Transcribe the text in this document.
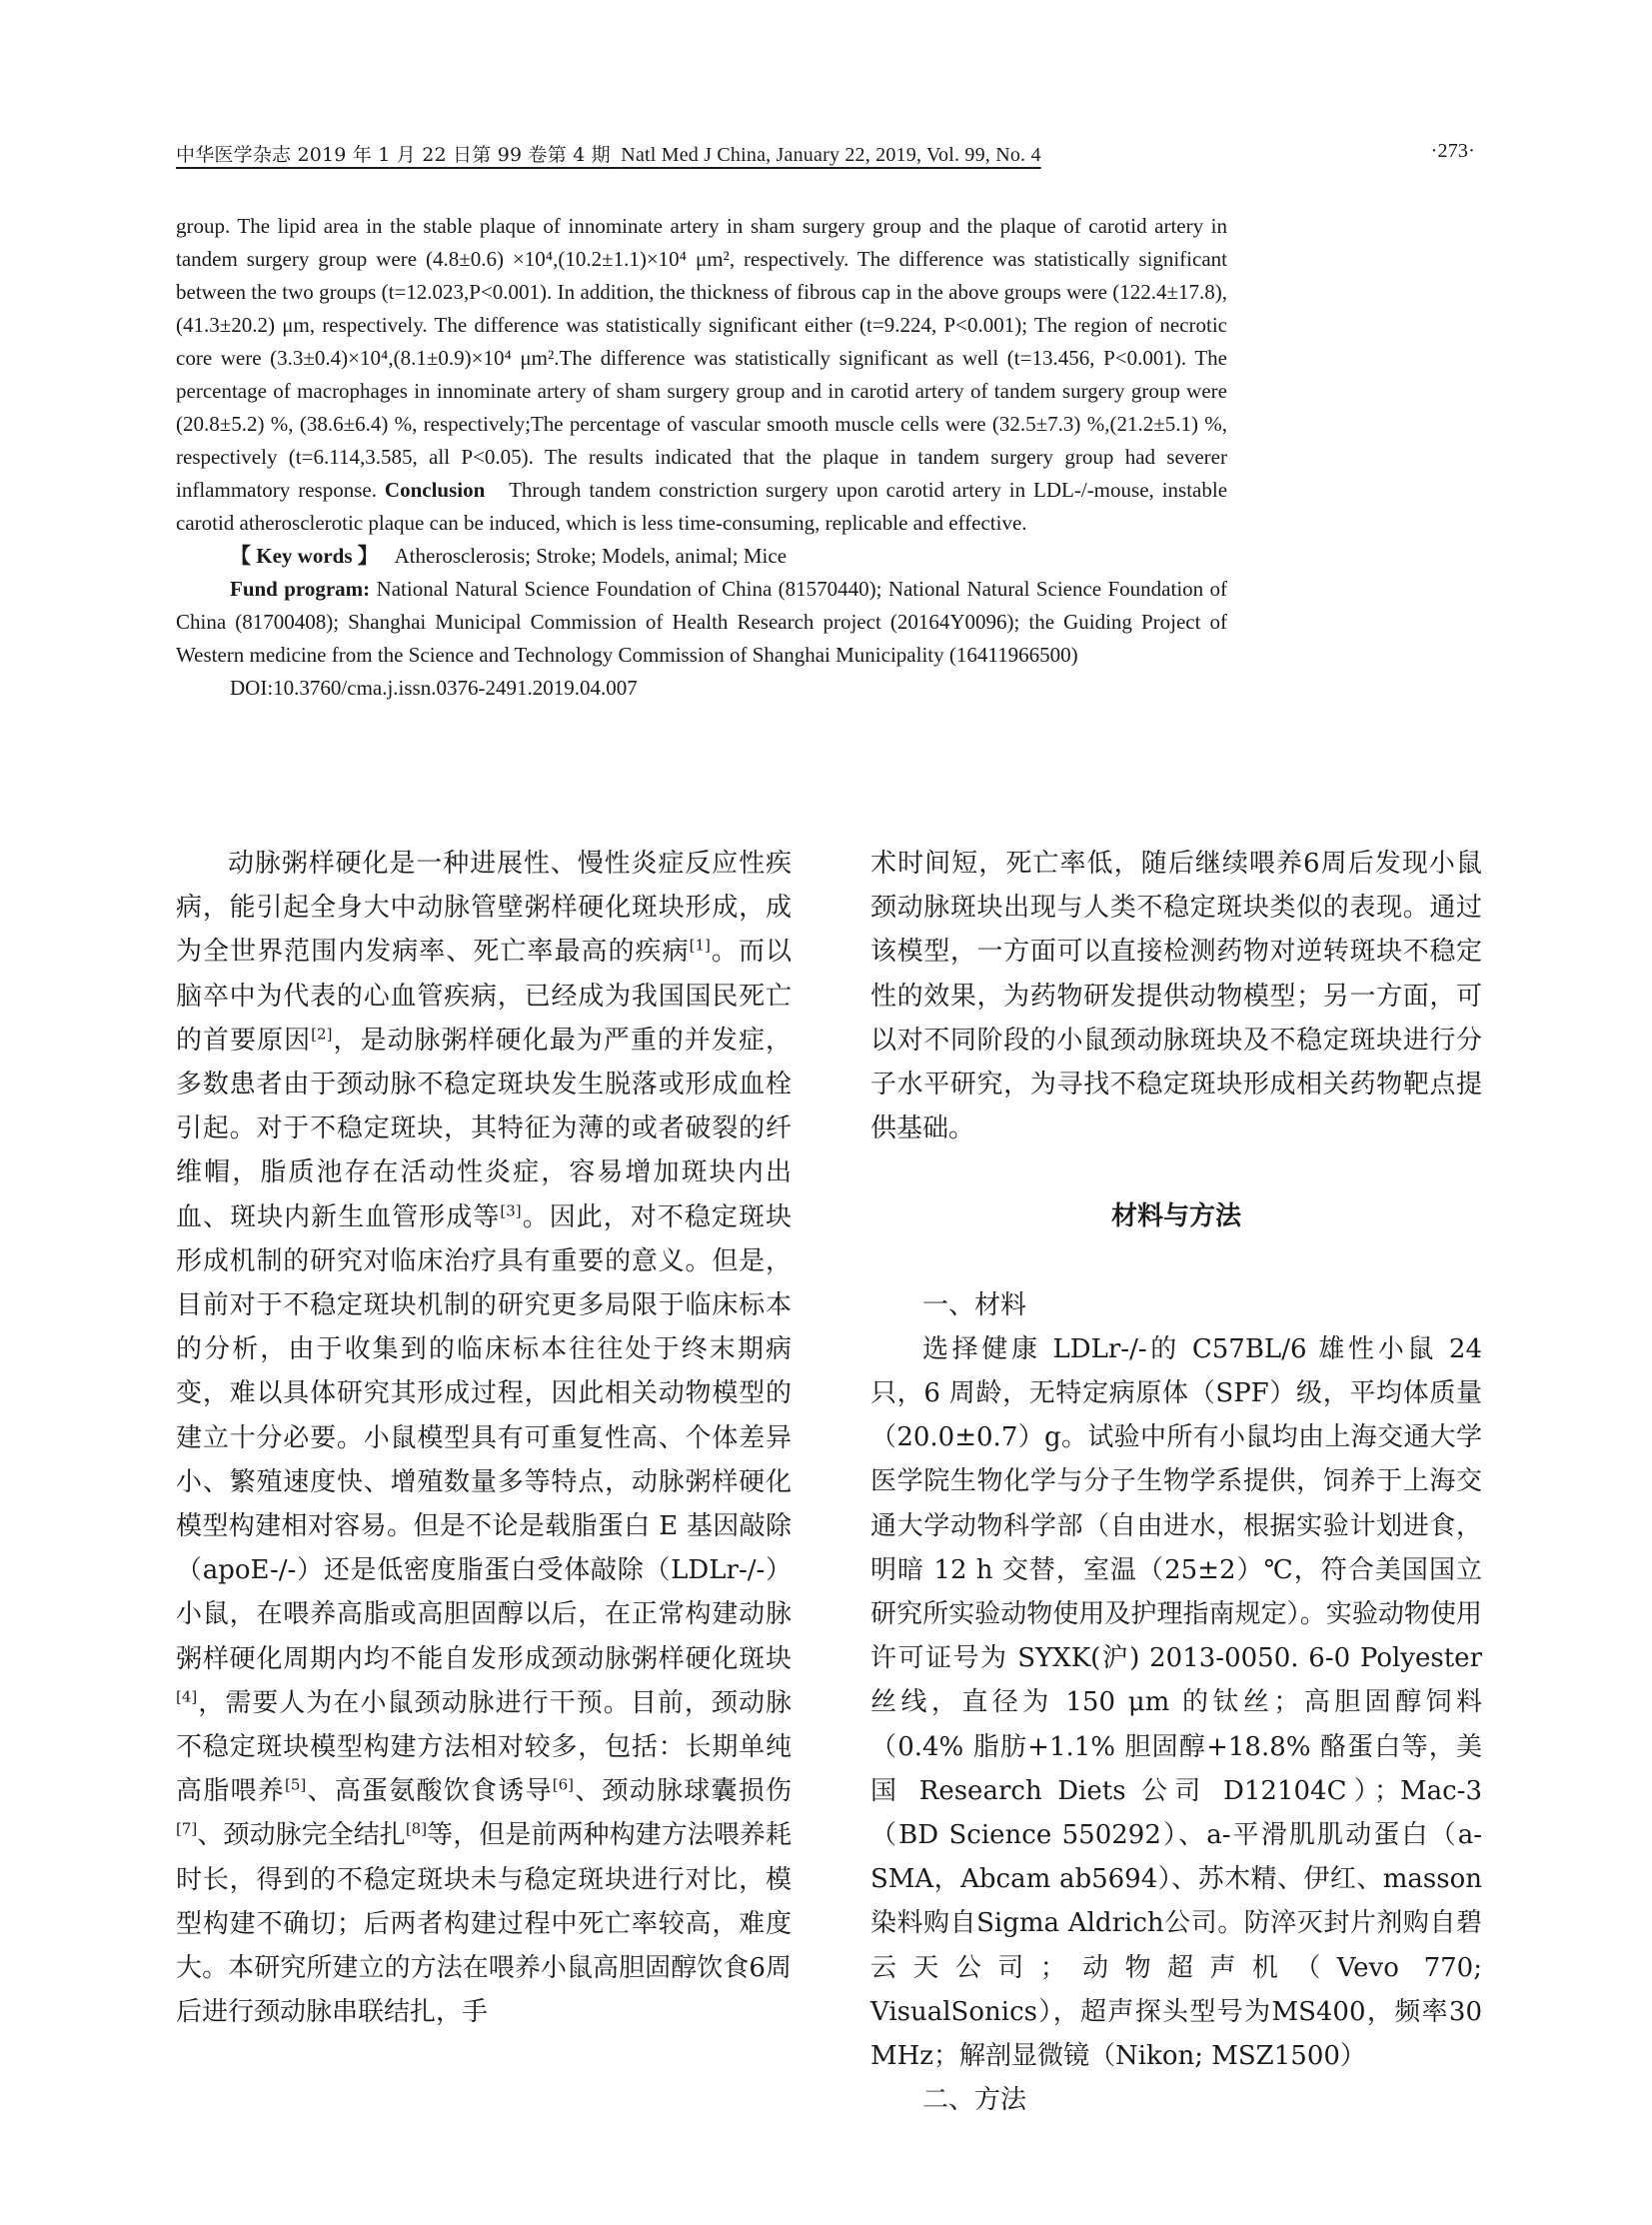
中华医学杂志 2019 年 1 月 22 日第 99 卷第 4 期 Natl Med J China, January 22, 2019, Vol. 99, No. 4	·273·

group. The lipid area in the stable plaque of innominate artery in sham surgery group and the plaque of carotid artery in tandem surgery group were (4.8±0.6) ×10⁴,(10.2±1.1)×10⁴ μm², respectively. The difference was statistically significant between the two groups (t=12.023,P<0.001). In addition, the thickness of fibrous cap in the above groups were (122.4±17.8),(41.3±20.2) μm, respectively. The difference was statistically significant either (t=9.224, P<0.001); The region of necrotic core were (3.3±0.4)×10⁴,(8.1±0.9)×10⁴ μm².The difference was statistically significant as well (t=13.456, P<0.001). The percentage of macrophages in innominate artery of sham surgery group and in carotid artery of tandem surgery group were (20.8±5.2) %, (38.6±6.4) %, respectively;The percentage of vascular smooth muscle cells were (32.5±7.3) %,(21.2±5.1) %, respectively (t=6.114,3.585, all P<0.05). The results indicated that the plaque in tandem surgery group had severer inflammatory response. Conclusion Through tandem constriction surgery upon carotid artery in LDL-/-mouse, instable carotid atherosclerotic plaque can be induced, which is less time-consuming, replicable and effective.

【 Key words 】 Atherosclerosis; Stroke; Models, animal; Mice

Fund program: National Natural Science Foundation of China (81570440); National Natural Science Foundation of China (81700408); Shanghai Municipal Commission of Health Research project (20164Y0096); the Guiding Project of Western medicine from the Science and Technology Commission of Shanghai Municipality (16411966500)

DOI:10.3760/cma.j.issn.0376-2491.2019.04.007

动脉粥样硬化是一种进展性、慢性炎症反应性疾病，能引起全身大中动脉管壁粥样硬化斑块形成，成为全世界范围内发病率、死亡率最高的疾病[1]。而以脑卒中为代表的心血管疾病，已经成为我国国民死亡的首要原因[2]，是动脉粥样硬化最为严重的并发症，多数患者由于颈动脉不稳定斑块发生脱落或形成血栓引起。对于不稳定斑块，其特征为薄的或者破裂的纤维帽，脂质池存在活动性炎症，容易增加斑块内出血、斑块内新生血管形成等[3]。因此，对不稳定斑块形成机制的研究对临床治疗具有重要的意义。但是，目前对于不稳定斑块机制的研究更多局限于临床标本的分析，由于收集到的临床标本往往处于终末期病变，难以具体研究其形成过程，因此相关动物模型的建立十分必要。小鼠模型具有可重复性高、个体差异小、繁殖速度快、增殖数量多等特点，动脉粥样硬化模型构建相对容易。但是不论是载脂蛋白 E 基因敲除（apoE-/-）还是低密度脂蛋白受体敲除（LDLr-/-）小鼠，在喂养高脂或高胆固醇以后，在正常构建动脉粥样硬化周期内均不能自发形成颈动脉粥样硬化斑块[4]，需要人为在小鼠颈动脉进行干预。目前，颈动脉不稳定斑块模型构建方法相对较多，包括：长期单纯高脂喂养[5]、高蛋氨酸饮食诱导[6]、颈动脉球囊损伤[7]、颈动脉完全结扎[8]等，但是前两种构建方法喂养耗时长，得到的不稳定斑块未与稳定斑块进行对比，模型构建不确切；后两者构建过程中死亡率较高，难度大。本研究所建立的方法在喂养小鼠高胆固醇饮食6周后进行颈动脉串联结扎，手

术时间短，死亡率低，随后继续喂养6周后发现小鼠颈动脉斑块出现与人类不稳定斑块类似的表现。通过该模型，一方面可以直接检测药物对逆转斑块不稳定性的效果，为药物研发提供动物模型；另一方面，可以对不同阶段的小鼠颈动脉斑块及不稳定斑块进行分子水平研究，为寻找不稳定斑块形成相关药物靶点提供基础。

材料与方法

一、材料

选择健康 LDLr-/-的 C57BL/6 雄性小鼠 24 只，6 周龄，无特定病原体（SPF）级，平均体质量（20.0±0.7）g。试验中所有小鼠均由上海交通大学医学院生物化学与分子生物学系提供，饲养于上海交通大学动物科学部（自由进水，根据实验计划进食，明暗 12 h 交替，室温（25±2）℃，符合美国国立研究所实验动物使用及护理指南规定）。实验动物使用许可证号为 SYXK(沪) 2013-0050. 6-0 Polyester 丝线，直径为 150 μm 的钛丝；高胆固醇饲料（0.4% 脂肪+1.1% 胆固醇+18.8% 酪蛋白等，美国 Research Diets 公司 D12104C）；Mac-3（BD Science 550292）、a-平滑肌肌动蛋白（a-SMA，Abcam ab5694）、苏木精、伊红、masson染料购自Sigma Aldrich公司。防淬灭封片剂购自碧云天公司；动物超声机（Vevo 770; VisualSonics），超声探头型号为MS400，频率30 MHz；解剖显微镜（Nikon; MSZ1500）

二、方法
